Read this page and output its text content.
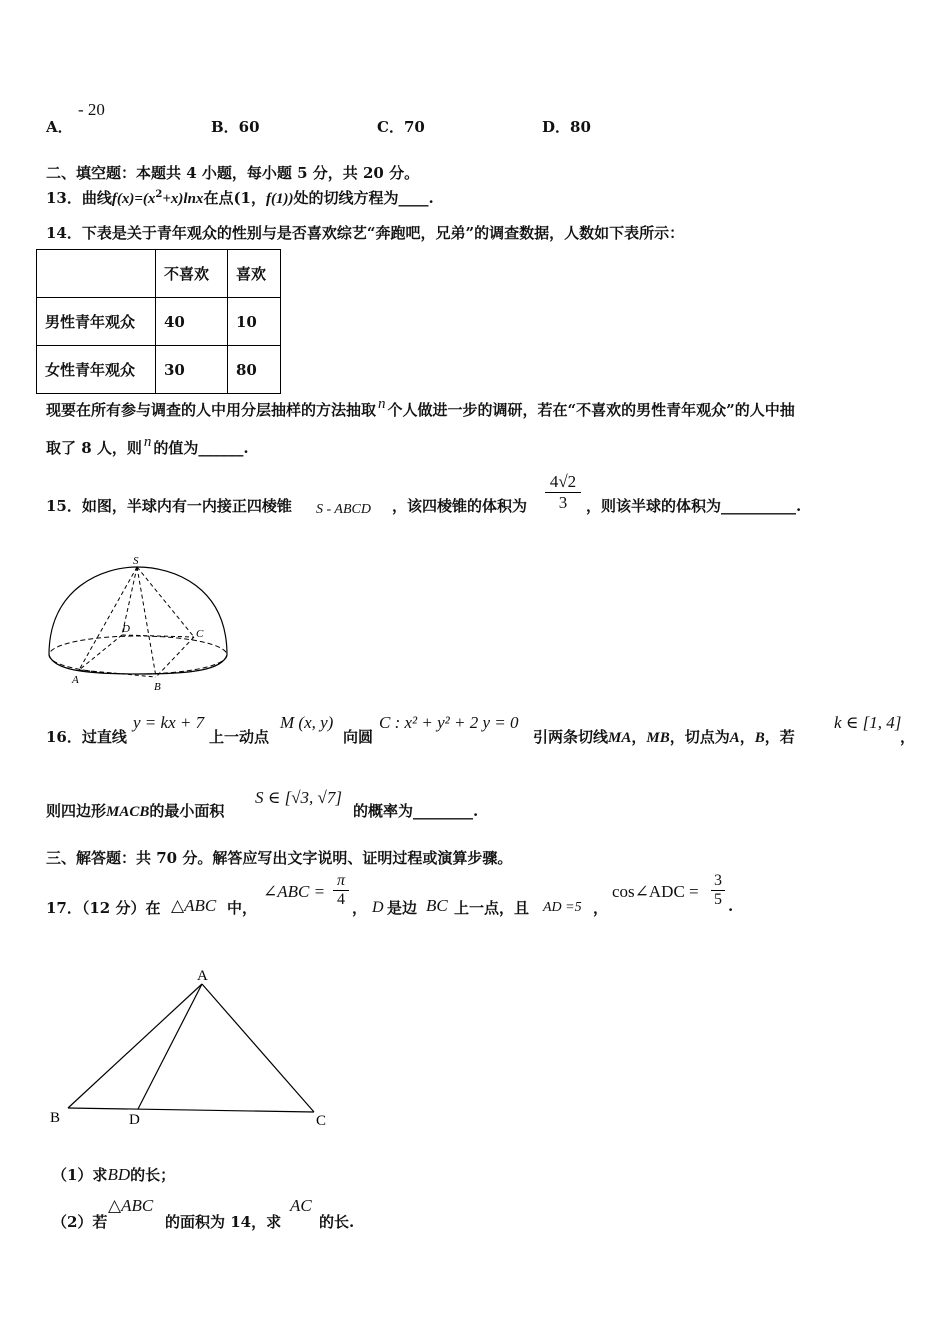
A．
- 20
B．60	C．70	D．80
二、填空题：本题共 4 小题，每小题 5 分，共 20 分。
13．曲线$f(x)=(x^2+x)\ln x$在点(1，f(1))处的切线方程为____.
14．下表是关于青年观众的性别与是否喜欢综艺“奔跑吧，兄弟”的调查数据，人数如下表所示：
	不喜欢	喜欢
男性青年观众	40	10
女性青年观众	30	80
现要在所有参与调查的人中用分层抽样的方法抽取 n 个人做进一步的调研，若在“不喜欢的男性青年观众”的人中抽
取了 8 人，则 n 的值为______.
15．如图，半球内有一内接正四棱锥 S - ABCD ，该四棱锥的体积为 $\frac{4√2}{3}$ ，则该半球的体积为__________.
S
D	C
A
B
16．过直线
y = kx + 7
上一动点
M (x, y)
向圆
C : x² + y² + 2 y = 0
引两条切线MA，MB，切点为A，B，若
k ∈ [1, 4]
，
则四边形MACB的最小面积
S ∈ [√3, √7]
的概率为________.
三、解答题：共 70 分。解答应写出文字说明、证明过程或演算步骤。
17．（12 分）在 △ABC 中，
∠ABC = $\frac{\pi}{4}$ ， D 是边 BC 上一点，且 AD =5 ，
cos∠ADC = $\frac{3}{5}$ .
A
B	D	C
（1）求BD的长；
（2）若
△ABC
的面积为 14，求
AC
的长.
